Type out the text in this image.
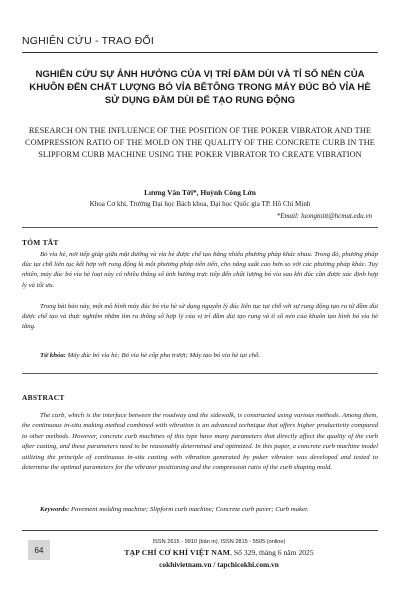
NGHIÊN CỨU - TRAO ĐỔI
NGHIÊN CỨU SỰ ẢNH HƯỞNG CỦA VỊ TRÍ ĐẦM DÙI VÀ TỈ SỐ NÉN CỦA KHUÔN ĐẾN CHẤT LƯỢNG BÓ VỈA BÊTÔNG TRONG MÁY ĐÚC BÓ VỈA HÈ SỬ DỤNG ĐẦM DÙI ĐỂ TẠO RUNG ĐỘNG
RESEARCH ON THE INFLUENCE OF THE POSITION OF THE POKER VIBRATOR AND THE COMPRESSION RATIO OF THE MOLD ON THE QUALITY OF THE CONCRETE CURB IN THE SLIPFORM CURB MACHINE USING THE POKER VIBRATOR TO CREATE VIBRATION
Lương Văn Tới*, Huỳnh Công Lớn
Khoa Cơ khí, Trường Đại học Bách khoa, Đại học Quốc gia TP. Hồ Chí Minh
*Email: luongtoitt@hcmut.edu.vn
TÓM TẮT
Bó vỉa hè, nơi tiếp giáp giữa mặt đường và vỉa hè được chế tạo bằng nhiều phương pháp khác nhau. Trong đó, phương pháp đúc tại chỗ liên tục kết hợp với rung động là một phương pháp tiên tiến, cho năng suất cao hơn so với các phương pháp khác. Tuy nhiên, máy đúc bó vỉa hè loại này có nhiều thông số ảnh hưởng trực tiếp đến chất lượng bó vỉa sau khi đúc cần được xác định hợp lý và tối ưu.
Trong bài báo này, một mô hình máy đúc bó vỉa hè sử dụng nguyên lý đúc liên tục tại chỗ với sự rung động tạo ra từ đầm dùi được chế tạo và thực nghiệm nhằm tìm ra thông số hợp lý của vị trí đầm dùi tạo rung và tỉ số nén của khuôn tạo hình bó vỉa hè tăng.
Từ khóa: Máy đúc bó vỉa hè; Bó vỉa hè cốp pha trượt; Máy tạo bó vỉa hè tại chỗ.
ABSTRACT
The curb, which is the interface between the roadway and the sidewalk, is constructed using various methods. Among them, the continuous in-situ making method combined with vibration is an advanced technique that offers higher productivity compared to other methods. However, concrete curb machines of this type have many parameters that directly affect the quality of the curb after casting, and these parameters need to be reasonably determined and optimized. In this paper, a concrete curb machine model utilizing the principle of continuous in-situ casting with vibration generated by poker vibrator was developed and tested to determine the optimal parameters for the vibrator positioning and the compression ratio of the curb shaping mold.
Keywords: Pavement molding machine; Slipform curb machine; Concrete curb paver; Curb maker.
64
ISSN 2615 - 9910 (bản in), ISSN 2815 - 5505 (online)
TẠP CHÍ CƠ KHÍ VIỆT NAM, Số 329, tháng 6 năm 2025
cokhivietnam.vn / tapchicokhi.com.vn
